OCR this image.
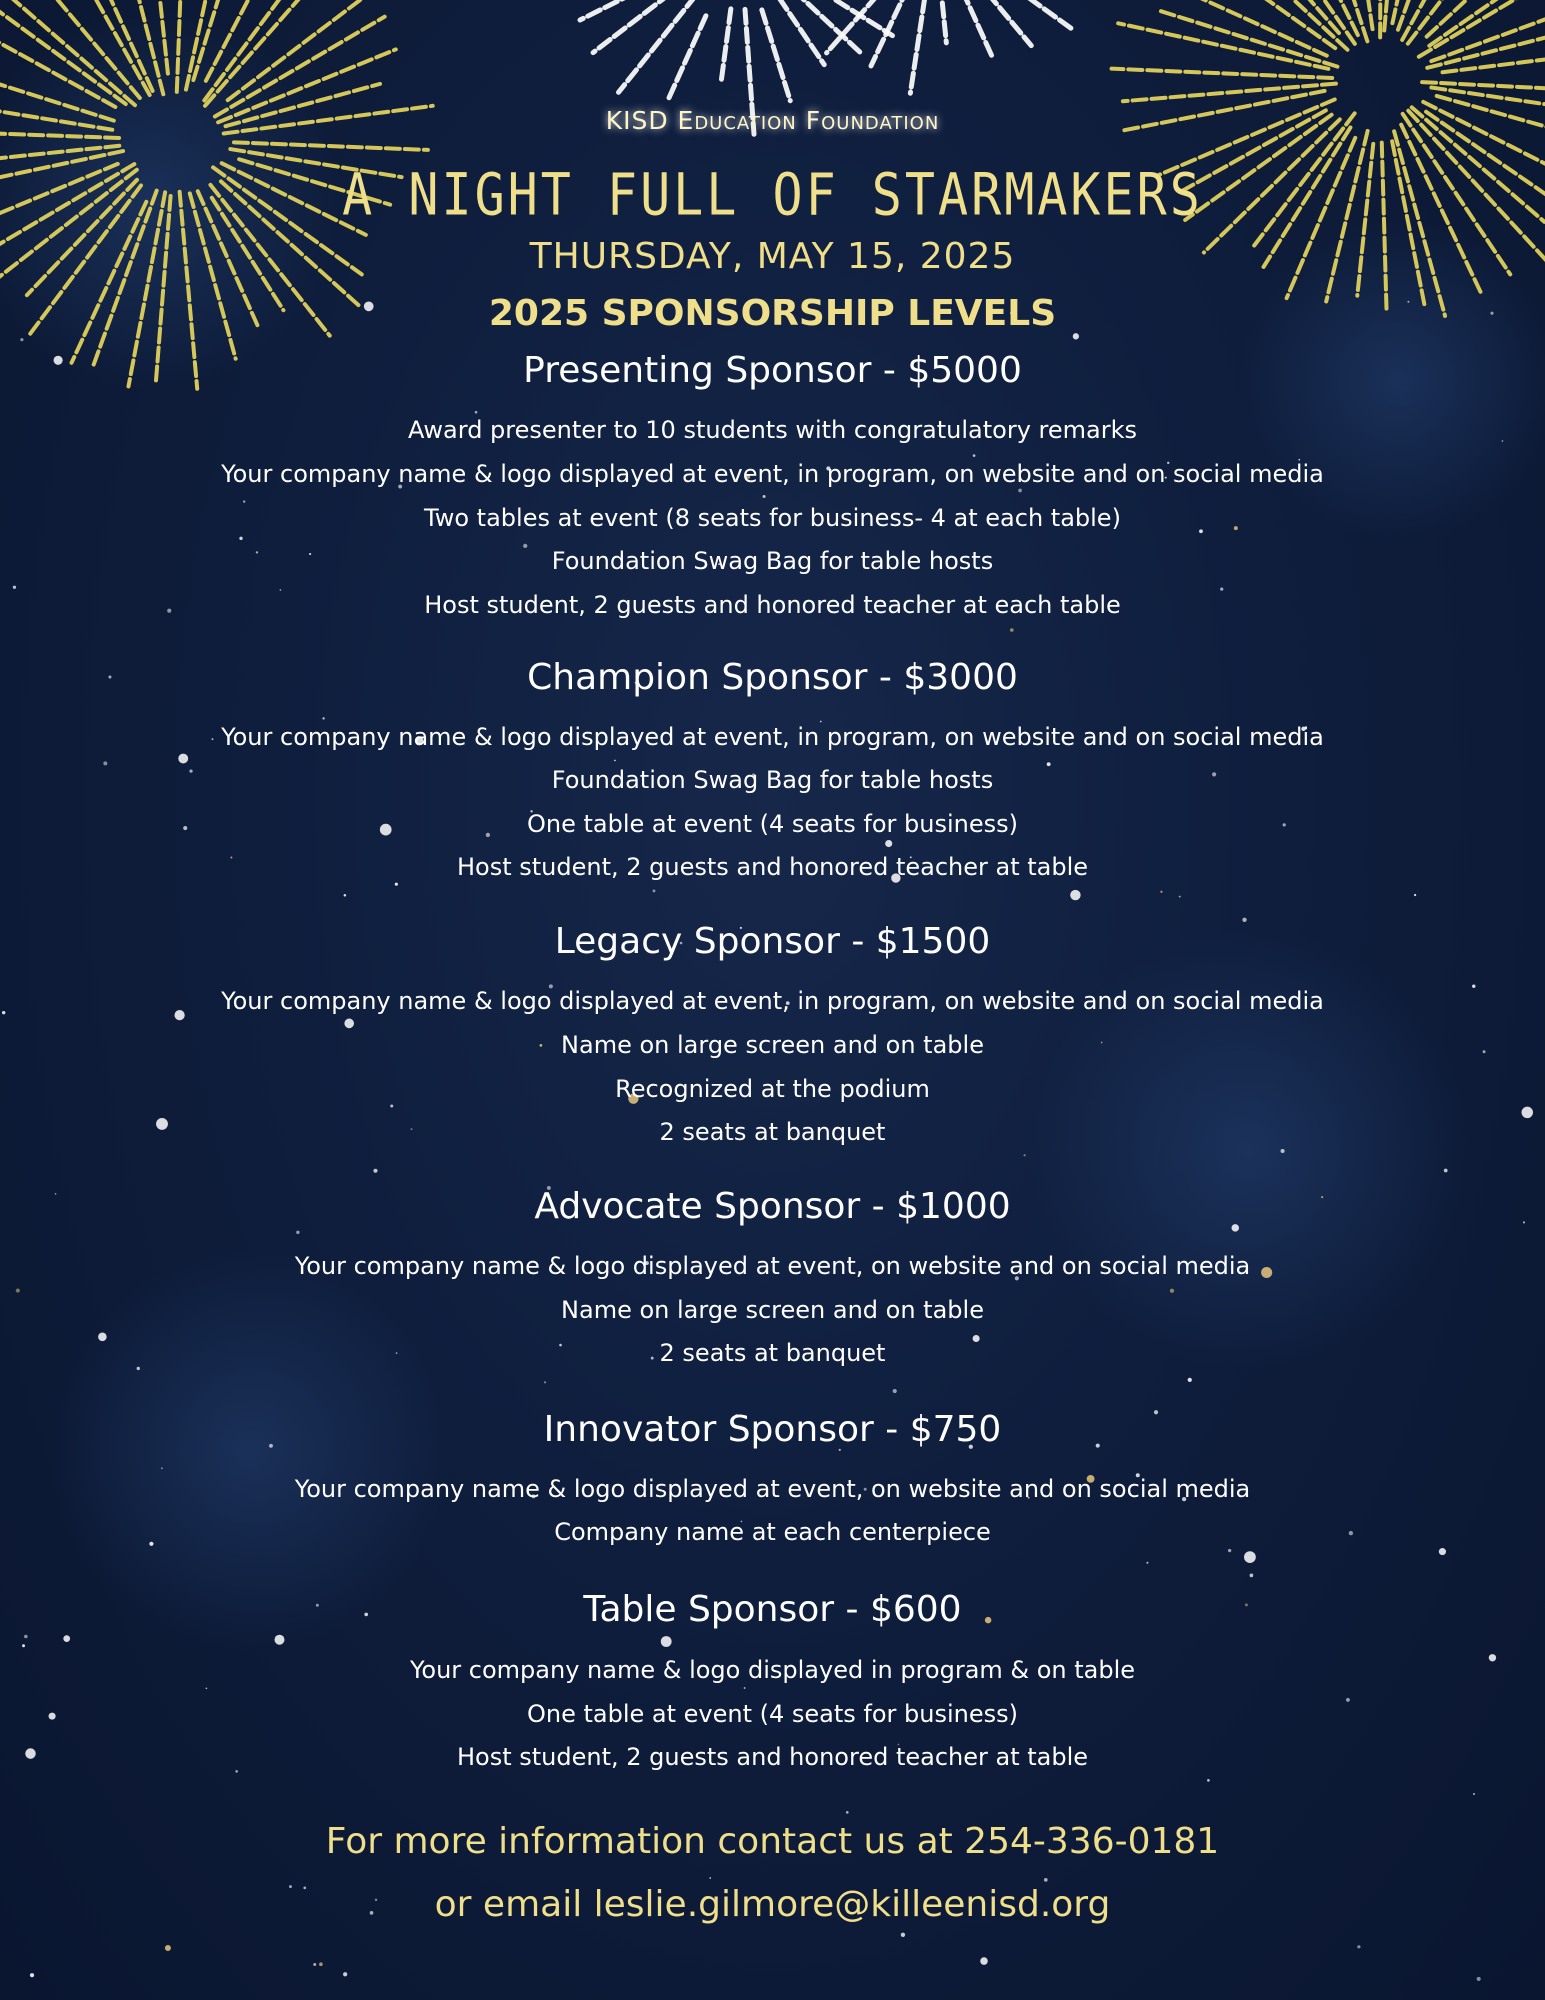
KISD Education Foundation
A NIGHT FULL OF STARMAKERS
THURSDAY, MAY 15, 2025
2025 SPONSORSHIP LEVELS
Presenting Sponsor - $5000
Award presenter to 10 students with congratulatory remarks
Your company name & logo displayed at event, in program, on website and on social media
Two tables at event (8 seats for business- 4 at each table)
Foundation Swag Bag for table hosts
Host student, 2 guests and honored teacher at each table
Champion Sponsor - $3000
Your company name & logo displayed at event, in program, on website and on social media
Foundation Swag Bag for table hosts
One table at event (4 seats for business)
Host student, 2 guests and honored teacher at table
Legacy Sponsor - $1500
Your company name & logo displayed at event, in program, on website and on social media
Name on large screen and on table
Recognized at the podium
2 seats at banquet
Advocate Sponsor - $1000
Your company name & logo displayed at event, on website and on social media
Name on large screen and on table
2 seats at banquet
Innovator Sponsor - $750
Your company name & logo displayed at event, on website and on social media
Company name at each centerpiece
Table Sponsor - $600
Your company name & logo displayed in program & on table
One table at event (4 seats for business)
Host student, 2 guests and honored teacher at table
For more information contact us at 254-336-0181
or email leslie.gilmore@killeenisd.org
